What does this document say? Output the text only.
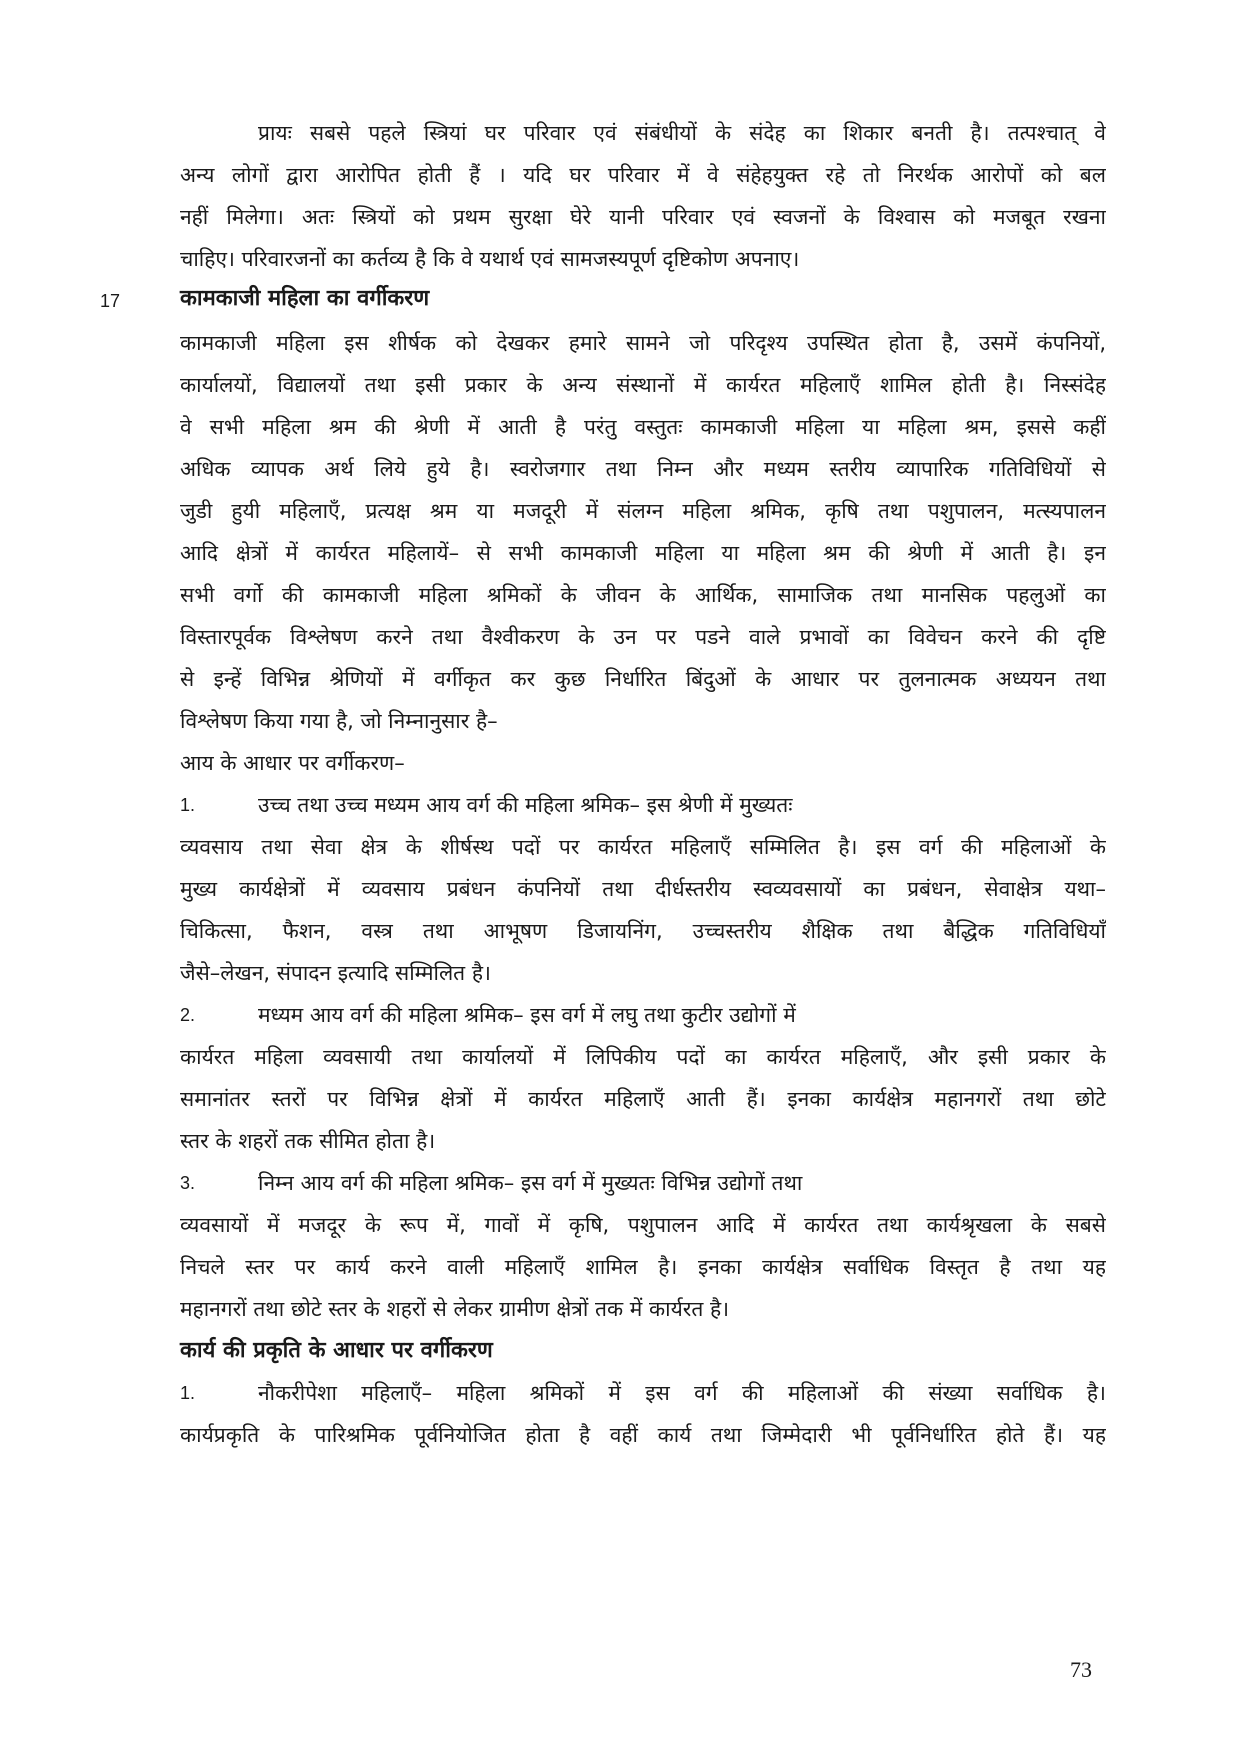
प्रायः सबसे पहले स्त्रियां घर परिवार एवं संबंधीयों के संदेह का शिकार बनती है। तत्पश्चात् वे

अन्य लोगों द्वारा आरोपित होती हैं । यदि घर परिवार में वे संहेहयुक्त रहे तो निरर्थक आरोपों को बल

नहीं मिलेगा। अतः स्त्रियों को प्रथम सुरक्षा घेरे यानी परिवार एवं स्वजनों के विश्वास को मजबूत रखना

चाहिए। परिवारजनों का कर्तव्य है कि वे यथार्थ एवं सामजस्यपूर्ण दृष्टिकोण अपनाए।

17	कामकाजी महिला का वर्गीकरण

कामकाजी महिला इस शीर्षक को देखकर हमारे सामने जो परिदृश्य उपस्थित होता है, उसमें कंपनियों,

कार्यालयों, विद्यालयों तथा इसी प्रकार के अन्य संस्थानों में कार्यरत महिलाएँ शामिल होती है। निस्संदेह

वे सभी महिला श्रम की श्रेणी में आती है परंतु वस्तुतः कामकाजी महिला या महिला श्रम, इससे कहीं

अधिक व्यापक अर्थ लिये हुये है। स्वरोजगार तथा निम्न और मध्यम स्तरीय व्यापारिक गतिविधियों से

जुडी हुयी महिलाएँ, प्रत्यक्ष श्रम या मजदूरी में संलग्न महिला श्रमिक, कृषि तथा पशुपालन, मत्स्यपालन

आदि क्षेत्रों में कार्यरत महिलायें– से सभी कामकाजी महिला या महिला श्रम की श्रेणी में आती है। इन

सभी वर्गो की कामकाजी महिला श्रमिकों के जीवन के आर्थिक, सामाजिक तथा मानसिक पहलुओं का

विस्तारपूर्वक विश्लेषण करने तथा वैश्वीकरण के उन पर पडने वाले प्रभावों का विवेचन करने की दृष्टि

से इन्हें विभिन्न श्रेणियों में वर्गीकृत कर कुछ निर्धारित बिंदुओं के आधार पर तुलनात्मक अध्ययन तथा

विश्लेषण किया गया है, जो निम्नानुसार है–

आय के आधार पर वर्गीकरण–

1.	उच्च तथा उच्च मध्यम आय वर्ग की महिला श्रमिक– इस श्रेणी में मुख्यतः

व्यवसाय तथा सेवा क्षेत्र के शीर्षस्थ पदों पर कार्यरत महिलाएँ सम्मिलित है। इस वर्ग की महिलाओं के

मुख्य कार्यक्षेत्रों में व्यवसाय प्रबंधन कंपनियों तथा दीर्धस्तरीय स्वव्यवसायों का प्रबंधन, सेवाक्षेत्र यथा–

चिकित्सा, फैशन, वस्त्र तथा आभूषण डिजायनिंग, उच्चस्तरीय शैक्षिक तथा बैद्धिक गतिविधियाँ

जैसे–लेखन, संपादन इत्यादि सम्मिलित है।

2.	मध्यम आय वर्ग की महिला श्रमिक– इस वर्ग में लघु तथा कुटीर उद्योगों में

कार्यरत महिला व्यवसायी तथा कार्यालयों में लिपिकीय पदों का कार्यरत महिलाएँ, और इसी प्रकार के

समानांतर स्तरों पर विभिन्न क्षेत्रों में कार्यरत महिलाएँ आती हैं। इनका कार्यक्षेत्र महानगरों तथा छोटे

स्तर के शहरों तक सीमित होता है।

3.	निम्न आय वर्ग की महिला श्रमिक– इस वर्ग में मुख्यतः विभिन्न उद्योगों तथा

व्यवसायों में मजदूर के रूप में, गावों में कृषि, पशुपालन आदि में कार्यरत तथा कार्यश्रृखला के सबसे

निचले स्तर पर कार्य करने वाली महिलाएँ शामिल है। इनका कार्यक्षेत्र सर्वाधिक विस्तृत है तथा यह

महानगरों तथा छोटे स्तर के शहरों से लेकर ग्रामीण क्षेत्रों तक में कार्यरत है।

कार्य की प्रकृति के आधार पर वर्गीकरण
1.	नौकरीपेशा महिलाएँ– महिला श्रमिकों में इस वर्ग की महिलाओं की संख्या सर्वाधिक है।

कार्यप्रकृति के पारिश्रमिक पूर्वनियोजित होता है वहीं कार्य तथा जिम्मेदारी भी पूर्वनिर्धारित होते हैं। यह

73
